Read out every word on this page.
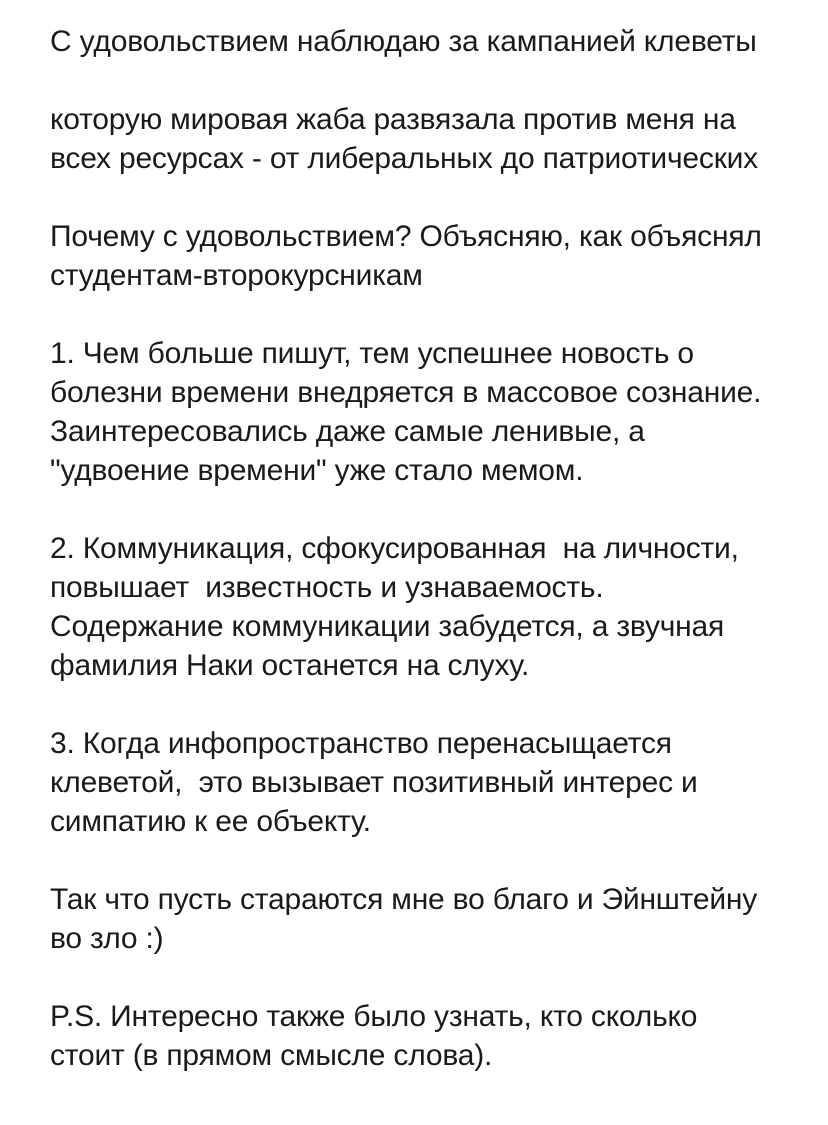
С удовольствием наблюдаю за кампанией клеветы
которую мировая жаба развязала против меня на
всех ресурсах - от либеральных до патриотических
Почему с удовольствием? Объясняю, как объяснял
студентам-второкурсникам
1. Чем больше пишут, тем успешнее новость о
болезни времени внедряется в массовое сознание.
Заинтересовались даже самые ленивые, а
"удвоение времени" уже стало мемом.
2. Коммуникация, сфокусированная  на личности,
повышает  известность и узнаваемость.
Содержание коммуникации забудется, а звучная
фамилия Наки останется на слуху.
3. Когда инфопространство перенасыщается
клеветой,  это вызывает позитивный интерес и
симпатию к ее объекту.
Так что пусть стараются мне во благо и Эйнштейну
во зло :)
P.S. Интересно также было узнать, кто сколько
стоит (в прямом смысле слова).
